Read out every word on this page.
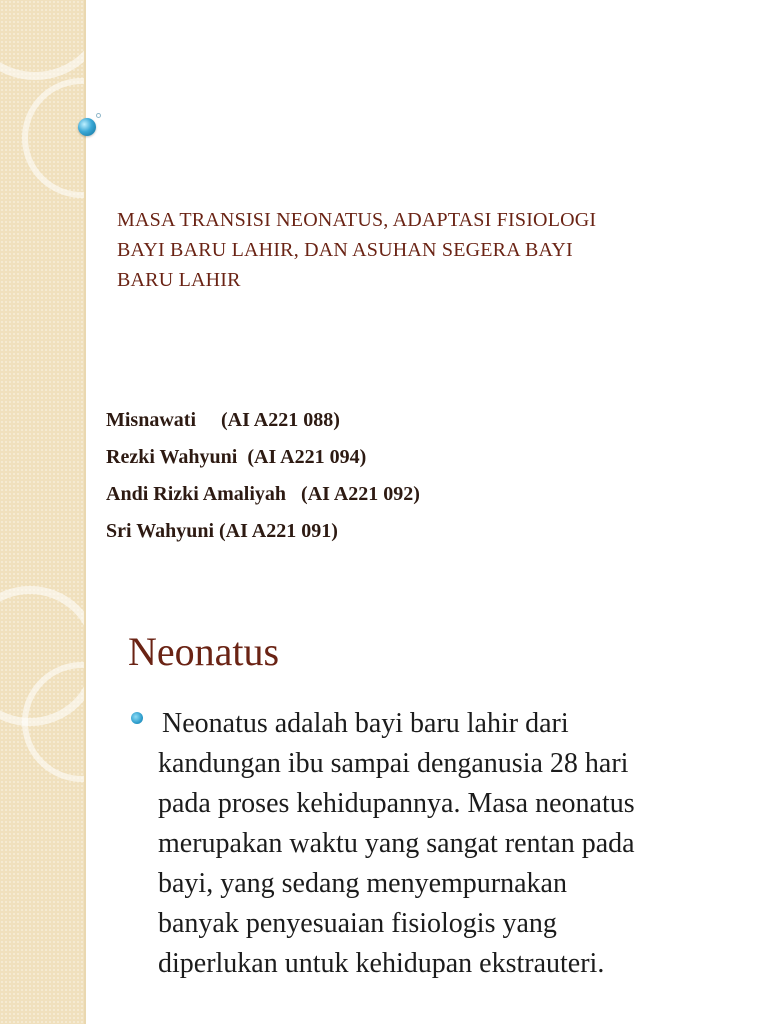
MASA TRANSISI NEONATUS, ADAPTASI FISIOLOGI
BAYI BARU LAHIR, DAN ASUHAN SEGERA BAYI
BARU LAHIR
Misnawati     (AI A221 088)
Rezki Wahyuni  (AI A221 094)
Andi Rizki Amaliyah   (AI A221 092)
Sri Wahyuni (AI A221 091)
Neonatus
Neonatus adalah bayi baru lahir dari
kandungan ibu sampai denganusia 28 hari
pada proses kehidupannya. Masa neonatus
merupakan waktu yang sangat rentan pada
bayi, yang sedang menyempurnakan
banyak penyesuaian fisiologis yang
diperlukan untuk kehidupan ekstrauteri.
